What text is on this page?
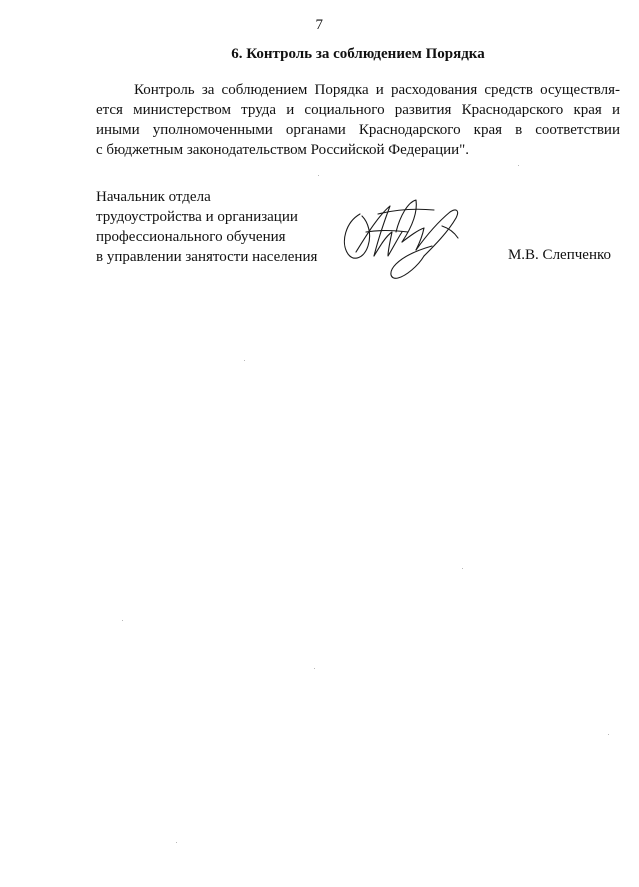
7
6. Контроль за соблюдением Порядка

Контроль за соблюдением Порядка и расходования средств осуществля-
ется министерством труда и социального развития Краснодарского края и
иными уполномоченными органами Краснодарского края в соответствии
с бюджетным законодательством Российской Федерации".

Начальник отдела
трудоустройства и организации
профессионального обучения
в управлении занятости населения	М.В. Слепченко
